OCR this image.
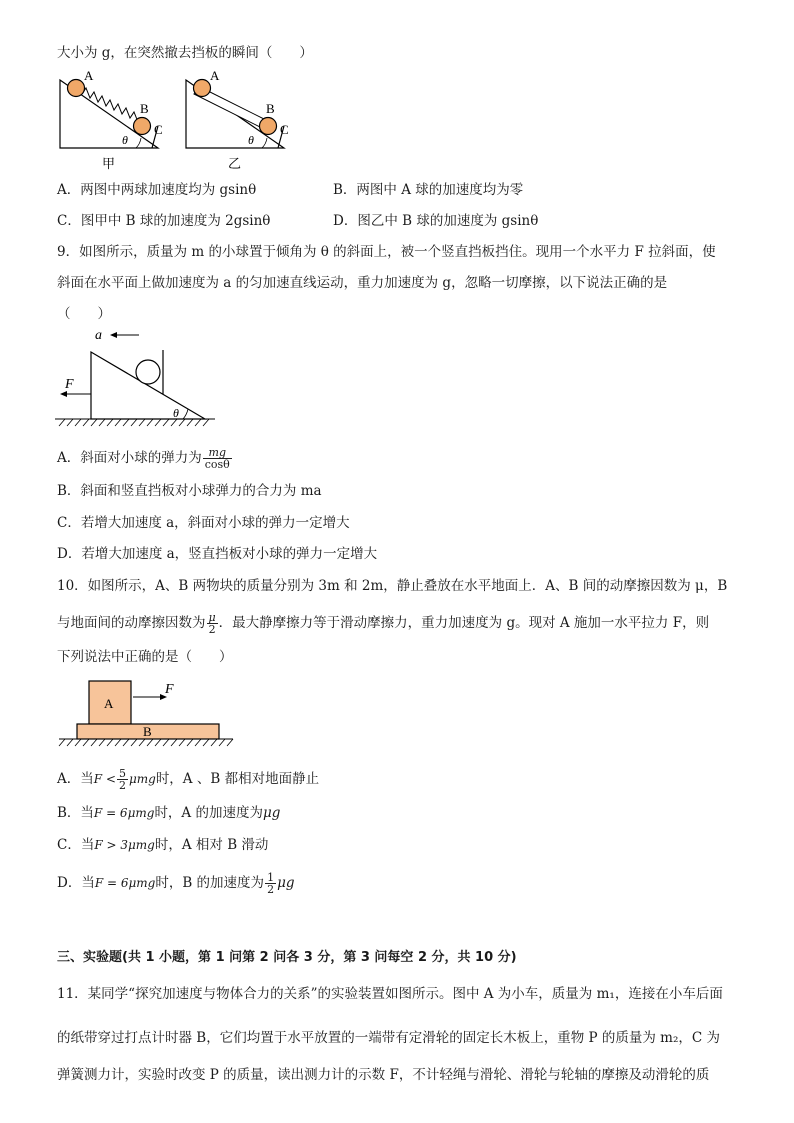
大小为 g，在突然撤去挡板的瞬间（　　）
A
B
C
θ
甲
A
B
C
θ
乙
A．两图中两球加速度均为 gsinθ	B．两图中 A 球的加速度均为零
C．图甲中 B 球的加速度为 2gsinθ	D．图乙中 B 球的加速度为 gsinθ
9．如图所示，质量为 m 的小球置于倾角为 θ 的斜面上，被一个竖直挡板挡住。现用一个水平力 F 拉斜面，使
斜面在水平面上做加速度为 a 的匀加速直线运动，重力加速度为 g，忽略一切摩擦，以下说法正确的是
（　　）
a
F
θ
A．斜面对小球的弹力为 $\frac{mg}{\cos\theta}$
B．斜面和竖直挡板对小球弹力的合力为 ma
C．若增大加速度 a，斜面对小球的弹力一定增大
D．若增大加速度 a，竖直挡板对小球的弹力一定增大
10．如图所示，A、B 两物块的质量分别为 3m 和 2m，静止叠放在水平地面上．A、B 间的动摩擦因数为 μ，B
与地面间的动摩擦因数为 $\frac{\mu}{2}$ ．最大静摩擦力等于滑动摩擦力，重力加速度为 g。现对 A 施加一水平拉力 F，则
下列说法中正确的是（　　）
A
F
B
A．当$F < \frac{5}{2}$ μmg时，A 、B 都相对地面静止
B．当F = 6μmg时，A 的加速度为μg
C．当F > 3μmg时，A 相对 B 滑动
D．当F = 6μmg时，B 的加速度为 $\frac{1}{2}$ μg
三、实验题(共 1 小题，第 1 问第 2 问各 3 分，第 3 问每空 2 分，共 10 分)
11．某同学“探究加速度与物体合力的关系”的实验装置如图所示。图中 A 为小车，质量为 m₁，连接在小车后面
的纸带穿过打点计时器 B，它们均置于水平放置的一端带有定滑轮的固定长木板上，重物 P 的质量为 m₂，C 为
弹簧测力计，实验时改变 P 的质量，读出测力计的示数 F，不计轻绳与滑轮、滑轮与轮轴的摩擦及动滑轮的质
